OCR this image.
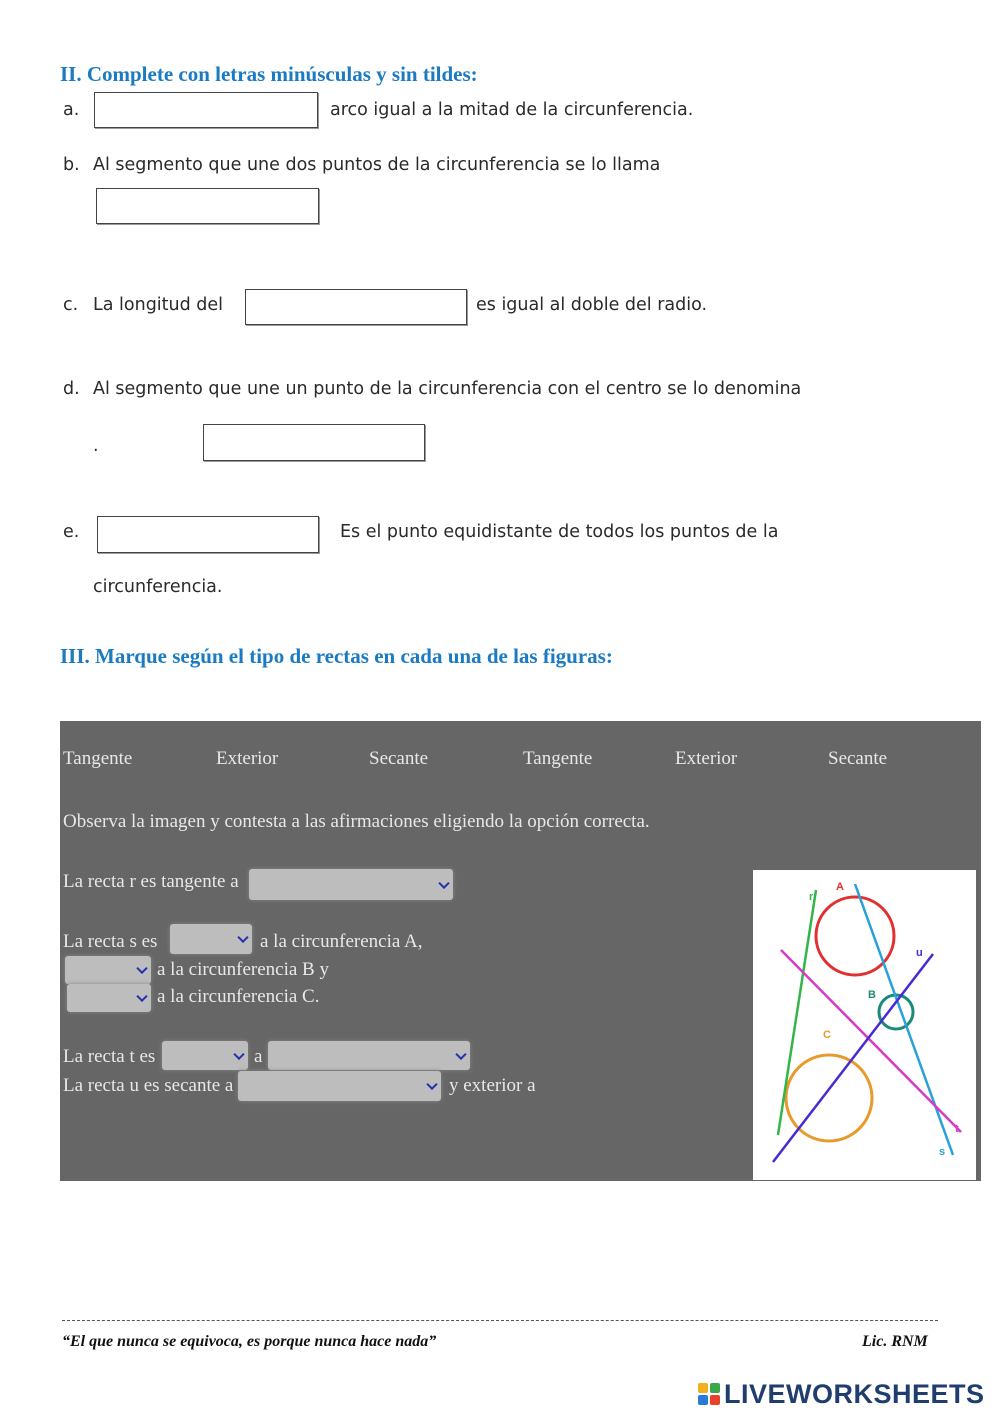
II. Complete con letras minúsculas y sin tildes:
a.	arco igual a la mitad de la circunferencia.
b. Al segmento que une dos puntos de la circunferencia se lo llama
c. La longitud del	es igual al doble del radio.
d. Al segmento que une un punto de la circunferencia con el centro se lo denomina
.
e.	Es el punto equidistante de todos los puntos de la
circunferencia.
III. Marque según el tipo de rectas en cada una de las figuras:
Tangente	Exterior	Secante	Tangente	Exterior	Secante
Observa la imagen y contesta a las afirmaciones eligiendo la opción correcta.
La recta r es tangente a
La recta s es	a la circunferencia A,
a la circunferencia B y
a la circunferencia C.
La recta t es	a
La recta u es secante a	y exterior a
r
A
u
B
C
t
s
“El que nunca se equivoca, es porque nunca hace nada”	Lic. RNM
LIVEWORKSHEETS
